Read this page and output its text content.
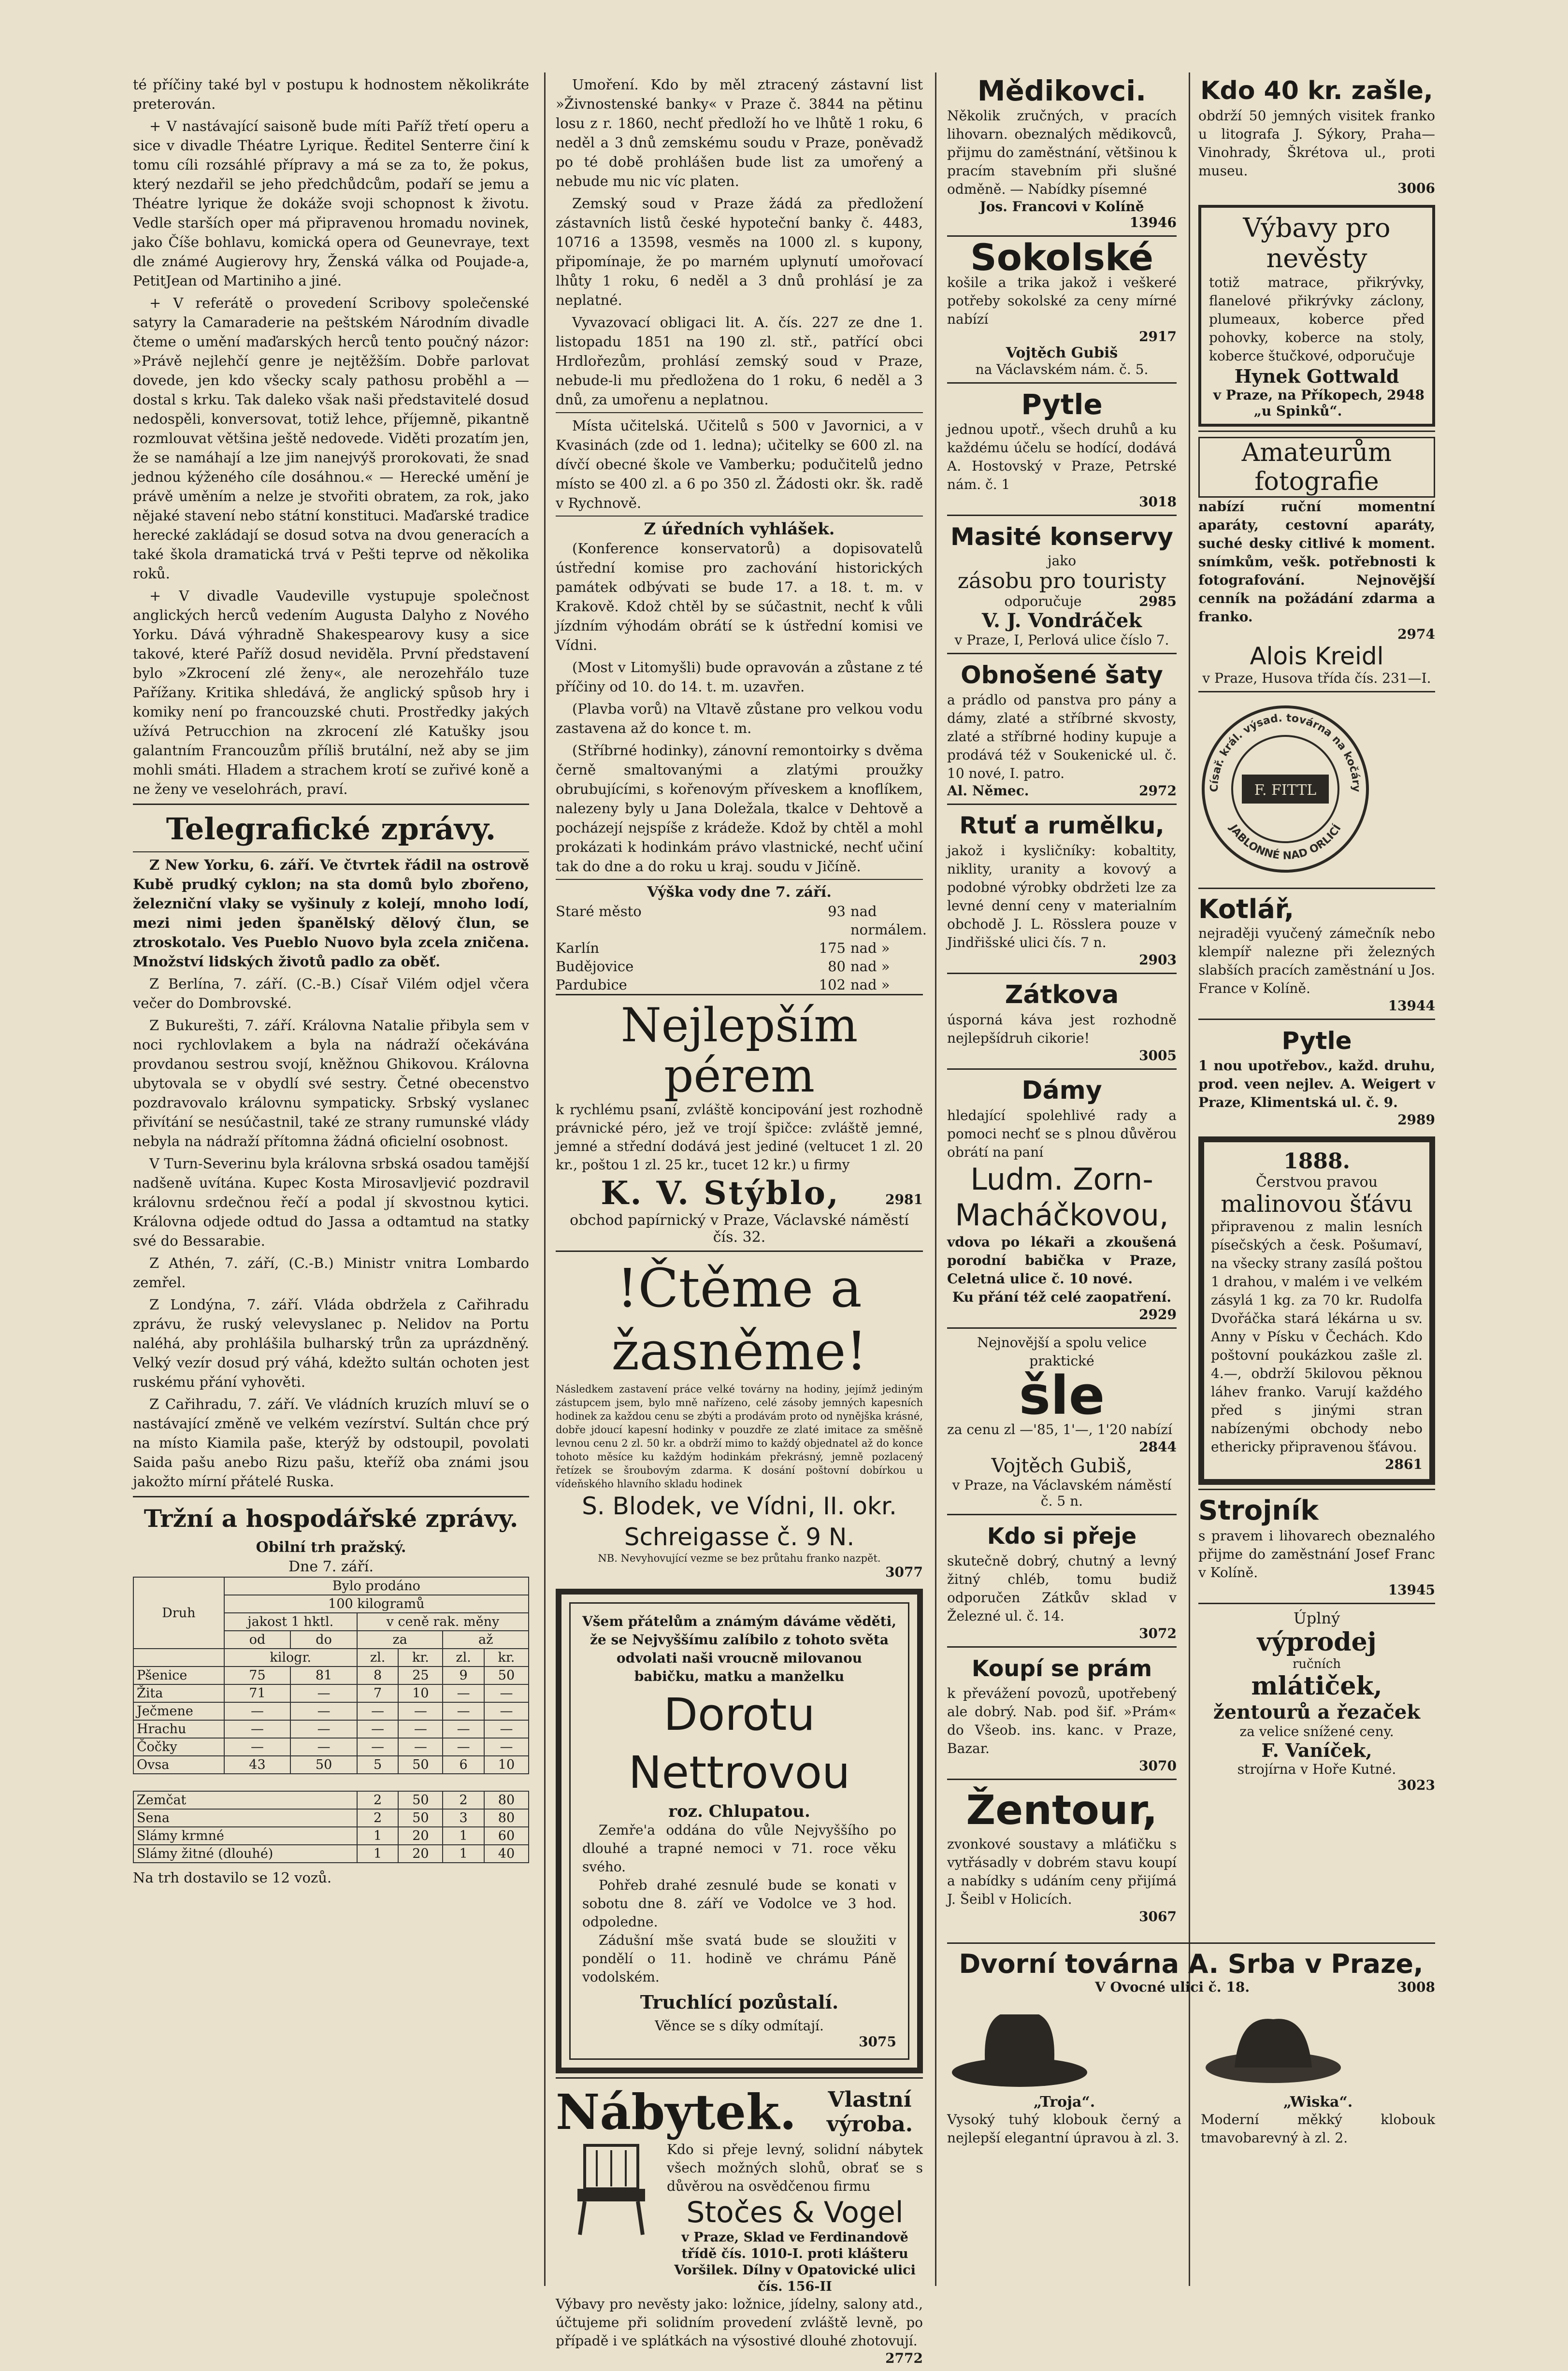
té příčiny také byl v postupu k hodnostem několikráte preterován.

+ V nastávající saisoně bude míti Paříž třetí operu a sice v divadle Théatre Lyrique. Ředitel Senterre činí k tomu cíli rozsáhlé přípravy a má se za to, že pokus, který nezdařil se jeho předchůdcům, podaří se jemu a Théatre lyrique že dokáže svoji schopnost k životu. Vedle starších oper má připravenou hromadu novinek, jako Číše bohlavu, komická opera od Geunevraye, text dle známé Augierovy hry, Ženská válka od Poujade-a, PetitJean od Martiniho a jiné.

+ V referátě o provedení Scribovy společenské satyry la Camaraderie na peštském Národním divadle čteme o umění maďarských herců tento poučný názor: »Právě nejlehčí genre je nejtěžším. Dobře parlovat dovede, jen kdo všecky scaly pathosu proběhl a — dostal s krku. Tak daleko však naši představitelé dosud nedospěli, konversovat, totiž lehce, příjemně, pikantně rozmlouvat většina ještě nedovede. Viděti prozatím jen, že se namáhají a lze jim nanejvýš prorokovati, že snad jednou kýženého cíle dosáhnou.« — Herecké umění je právě uměním a nelze je stvořiti obratem, za rok, jako nějaké stavení nebo státní konstituci. Maďarské tradice herecké zakládají se dosud sotva na dvou generacích a také škola dramatická trvá v Pešti teprve od několika roků.

+ V divadle Vaudeville vystupuje společnost anglických herců vedením Augusta Dalyho z Nového Yorku. Dává výhradně Shakespearovy kusy a sice takové, které Paříž dosud neviděla. První představení bylo »Zkrocení zlé ženy«, ale nerozehřálo tuze Pařížany. Kritika shledává, že anglický spůsob hry i komiky není po francouzské chuti. Prostředky jakých užívá Petrucchion na zkrocení zlé Katušky jsou galantním Francouzům příliš brutální, než aby se jim mohli smáti. Hladem a strachem krotí se zuřivé koně a ne ženy ve veselohrách, praví.

Telegrafické zprávy.

Z New Yorku, 6. září. Ve čtvrtek řádil na ostrově Kubě prudký cyklon; na sta domů bylo zbořeno, železniční vlaky se vyšinuly z kolejí, mnoho lodí, mezi nimi jeden španělský dělový člun, se ztroskotalo. Ves Pueblo Nuovo byla zcela zničena. Množství lidských životů padlo za oběť.

Z Berlína, 7. září. (C.-B.) Císař Vilém odjel včera večer do Dombrovské.

Z Bukurešti, 7. září. Královna Natalie přibyla sem v noci rychlovlakem a byla na nádraží očekávána provdanou sestrou svojí, kněžnou Ghikovou. Královna ubytovala se v obydlí své sestry. Četné obecenstvo pozdravovalo královnu sympaticky. Srbský vyslanec přivítání se nesúčastnil, také ze strany rumunské vlády nebyla na nádraží přítomna žádná oficielní osobnost.

V Turn-Severinu byla královna srbská osadou tamější nadšeně uvítána. Kupec Kosta Mirosavljević pozdravil královnu srdečnou řečí a podal jí skvostnou kytici. Královna odjede odtud do Jassa a odtamtud na statky své do Bessarabie.

Z Athén, 7. září, (C.-B.) Ministr vnitra Lombardo zemřel.

Z Londýna, 7. září. Vláda obdržela z Cařihradu zprávu, že ruský velevyslanec p. Nelidov na Portu naléhá, aby prohlášila bulharský trůn za uprázdněný. Velký vezír dosud prý váhá, kdežto sultán ochoten jest ruskému přání vyhověti.

Z Cařihradu, 7. září. Ve vládních kruzích mluví se o nastávající změně ve velkém vezírství. Sultán chce prý na místo Kiamila paše, kterýž by odstoupil, povolati Saida pašu anebo Rizu pašu, kteříž oba známi jsou jakožto mírní přátelé Ruska.

Tržní a hospodářské zprávy.

Obilní trh pražský.

Dne 7. září.

Druh	Bylo prodáno					
	100 kilogramů					
	jakost 1 hktl.		v ceně rak. měny			
	od	do	za		až	
	kilogr.		zl.	kr.	zl.	kr.
Pšenice	75	81	8	25	9	50
Žita	71	—	7	10	—	—
Ječmene	—	—	—	—	—	—
Hrachu	—	—	—	—	—	—
Čočky	—	—	—	—	—	—
Ovsa	43	50	5	50	6	10

Zemčat			2	50	2	80
Sena			2	50	3	80
Slámy krmné			1	20	1	60
Slámy žitné (dlouhé)			1	20	1	40

Na trh dostavilo se 12 vozů.

Umoření. Kdo by měl ztracený zástavní list »Živnostenské banky« v Praze č. 3844 na pětinu losu z r. 1860, nechť předloží ho ve lhůtě 1 roku, 6 neděl a 3 dnů zemskému soudu v Praze, poněvadž po té době prohlášen bude list za umořený a nebude mu nic víc platen.

Zemský soud v Praze žádá za předložení zástavních listů české hypoteční banky č. 4483, 10716 a 13598, vesměs na 1000 zl. s kupony, připomínaje, že po marném uplynutí umořovací lhůty 1 roku, 6 neděl a 3 dnů prohlásí je za neplatné.

Vyvazovací obligaci lit. A. čís. 227 ze dne 1. listopadu 1851 na 190 zl. stř., patřící obci Hrdlořezům, prohlásí zemský soud v Praze, nebude-li mu předložena do 1 roku, 6 neděl a 3 dnů, za umořenu a neplatnou.

Místa učitelská. Učitelů s 500 v Javornici, a v Kvasinách (zde od 1. ledna); učitelky se 600 zl. na dívčí obecné škole ve Vamberku; podučitelů jedno místo se 400 zl. a 6 po 350 zl. Žádosti okr. šk. radě v Rychnově.

Z úředních vyhlášek.

(Konference konservatorů) a dopisovatelů ústřední komise pro zachování historických památek odbývati se bude 17. a 18. t. m. v Krakově. Kdož chtěl by se súčastnit, nechť k vůli jízdním výhodám obrátí se k ústřední komisi ve Vídni.

(Most v Litomyšli) bude opravován a zůstane z té příčiny od 10. do 14. t. m. uzavřen.

(Plavba vorů) na Vltavě zůstane pro velkou vodu zastavena až do konce t. m.

(Stříbrné hodinky), zánovní remontoirky s dvěma černě smaltovanými a zlatými proužky obrubujícími, s kořenovým příveskem a knoflíkem, nalezeny byly u Jana Doležala, tkalce v Dehtově a pocházejí nejspíše z krádeže. Kdož by chtěl a mohl prokázati k hodinkám právo vlastnické, nechť učiní tak do dne a do roku u kraj. soudu v Jičíně.

Výška vody dne 7. září.

Staré město	93 nad normálem.
Karlín	175 nad »
Budějovice	80 nad »
Pardubice	102 nad »
Nejlepším pérem
k rychlému psaní, zvláště koncipování jest rozhodně právnické péro, jež ve trojí špičce: zvláště jemné, jemné a střední dodává jest jediné (veltucet 1 zl. 20 kr., poštou 1 zl. 25 kr., tucet 12 kr.) u firmy
K. V. Stýblo,	2981
obchod papírnický v Praze, Václavské náměstí čís. 32.
!Čtěme a žasněme!
Následkem zastavení práce velké továrny na hodiny, jejímž jediným zástupcem jsem, bylo mně nařízeno, celé zásoby jemných kapesních hodinek za každou cenu se zbýti a prodávám proto od nynějška krásné, dobře jdoucí kapesní hodinky v pouzdře ze zlaté imitace za směšně levnou cenu 2 zl. 50 kr. a obdrží mimo to každý objednatel až do konce tohoto měsíce ku každým hodinkám překrásný, jemně pozlacený řetízek se šroubovým zdarma. K dosání poštovní dobírkou u vídeňského hlavního skladu hodinek
S. Blodek, ve Vídni, II. okr. Schreigasse č. 9 N.
NB. Nevyhovující vezme se bez průtahu franko nazpět.
3077
Všem přátelům a známým dáváme věděti, že se Nejvyššímu zalíbilo z tohoto světa odvolati naši vroucně milovanou babičku, matku a manželku
Dorotu Nettrovou
roz. Chlupatou.
Zemře'a oddána do vůle Nejvyššího po dlouhé a trapné nemoci v 71. roce věku svého.
Pohřeb drahé zesnulé bude se konati v sobotu dne 8. září ve Vodolce ve 3 hod. odpoledne.
Zádušní mše svatá bude se sloužiti v pondělí o 11. hodině ve chrámu Páně vodolském.
Truchlící pozůstalí.
Věnce se s díky odmítají.
3075
Nábytek.	Vlastní výroba.
Kdo si přeje levný, solidní nábytek všech možných slohů, obrať se s důvěrou na osvědčenou firmu
Stočes & Vogel
v Praze, Sklad ve Ferdinandově třídě čís. 1010-I. proti klášteru Voršilek. Dílny v Opatovické ulici čís. 156-II
Výbavy pro nevěsty jako: ložnice, jídelny, salony atd., účtujeme při solidním provedení zvláště levně, po případě i ve splátkách na výsostivé dlouhé zhotovují.
2772
Mědikovci.
Několik zručných, v pracích lihovarn. obeznalých mědikovců, přijmu do zaměstnání, většinou k pracím stavebním při slušné odměně. — Nabídky písemné
Jos. Francovi v Kolíně
13946
Sokolské
košile a trika jakož i veškeré potřeby sokolské za ceny mírné nabízí
2917
Vojtěch Gubiš
na Václavském nám. č. 5.
Pytle
jednou upotř., všech druhů a ku každému účelu se hodící, dodává A. Hostovský v Praze, Petrské nám. č. 1
3018
Masité konservy
jako
zásobu pro touristy
odporučuje	2985
V. J. Vondráček
v Praze, I, Perlová ulice číslo 7.
Obnošené šaty
a prádlo od panstva pro pány a dámy, zlaté a stříbrné skvosty, zlaté a stříbrné hodiny kupuje a prodává též v Soukenické ul. č. 10 nové, I. patro.
Al. Němec.	2972
Rtuť a rumělku,
jakož i kysličníky: kobaltity, niklity, uranity a kovový a podobné výrobky obdržeti lze za levné denní ceny v materialním obchodě J. L. Rösslera pouze v Jindřišské ulici čís. 7 n.
2903
Zátkova
úsporná káva jest rozhodně nejlepšídruh cikorie!
3005
Dámy
hledající spolehlivé rady a pomoci nechť se s plnou důvěrou obrátí na paní
Ludm. Zorn-Macháčkovou,
vdova po lékaři a zkoušená porodní babička v Praze, Celetná ulice č. 10 nové.
Ku přání též celé zaopatření.
2929
Nejnovější a spolu velice praktické
šle
za cenu zl —'85, 1'—, 1'20 nabízí
2844
Vojtěch Gubiš,
v Praze, na Václavském náměstí č. 5 n.
Kdo si přeje
skutečně dobrý, chutný a levný žitný chléb, tomu budiž odporučen Zátkův sklad v Železné ul. č. 14.
3072
Koupí se prám
k převážení povozů, upotřebený ale dobrý. Nab. pod šif. »Prám« do Všeob. ins. kanc. v Praze, Bazar.
3070
Žentour,
zvonkové soustavy a mláťičku s vytřásadly v dobrém stavu koupí a nabídky s udáním ceny přijímá J. Šeibl v Holicích.
3067
Dvorní továrna A. Srba v Praze,
V Ovocné ulici č. 18.	3008
„Troja“.
Vysoký tuhý klobouk černý a nejlepší elegantní úpravou à zl. 3.
„Wiska“.
Moderní měkký klobouk tmavobarevný à zl. 2.
Kdo 40 kr. zašle,
obdrží 50 jemných visitek franko u litografa J. Sýkory, Praha—Vinohrady, Škrétova ul., proti museu.
3006
Výbavy pro nevěsty
totiž matrace, přikrývky, flanelové přikrývky záclony, plumeaux, koberce před pohovky, koberce na stoly, koberce štučkové, odporučuje
Hynek Gottwald
v Praze, na Příkopech, „u Spinků“.
2948
Amateurům fotografie
nabízí ruční momentní aparáty, cestovní aparáty, suché desky citlivé k moment. snímkům, vešk. potřebnosti k fotografování. Nejnovější cenník na požádání zdarma a franko.
2974
Alois Kreidl
v Praze, Husova třída čís. 231—I.
Císař. král. výsad. továrna na kočáry
JABLONNÉ NAD ORLICÍ
F. FITTL
Kotlář,
nejraději vyučený zámečník nebo klempíř nalezne při železných slabších pracích zaměstnání u Jos. France v Kolíně.
13944
Pytle
1 nou upotřebov., každ. druhu, prod. veen nejlev. A. Weigert v Praze, Klimentská ul. č. 9.
2989
1888.
Čerstvou pravou
malinovou šťávu
připravenou z malin lesních písečských a česk. Pošumaví, na všecky strany zasílá poštou 1 drahou, v malém i ve velkém zásylá 1 kg. za 70 kr. Rudolfa Dvořáčka stará lékárna u sv. Anny v Písku v Čechách. Kdo poštovní poukázkou zašle zl. 4.—, obdrží 5kilovou pěknou láhev franko. Varují každého před s jinými stran nabízenými obchody nebo ethericky připravenou šťávou.
2861
Strojník
s pravem i lihovarech obeznalého přijme do zaměstnání Josef Franc v Kolíně.
13945
Úplný
výprodej
ručních
mlátiček,
žentourů a řezaček
za velice snížené ceny.
F. Vaníček,
strojírna v Hoře Kutné.
3023
